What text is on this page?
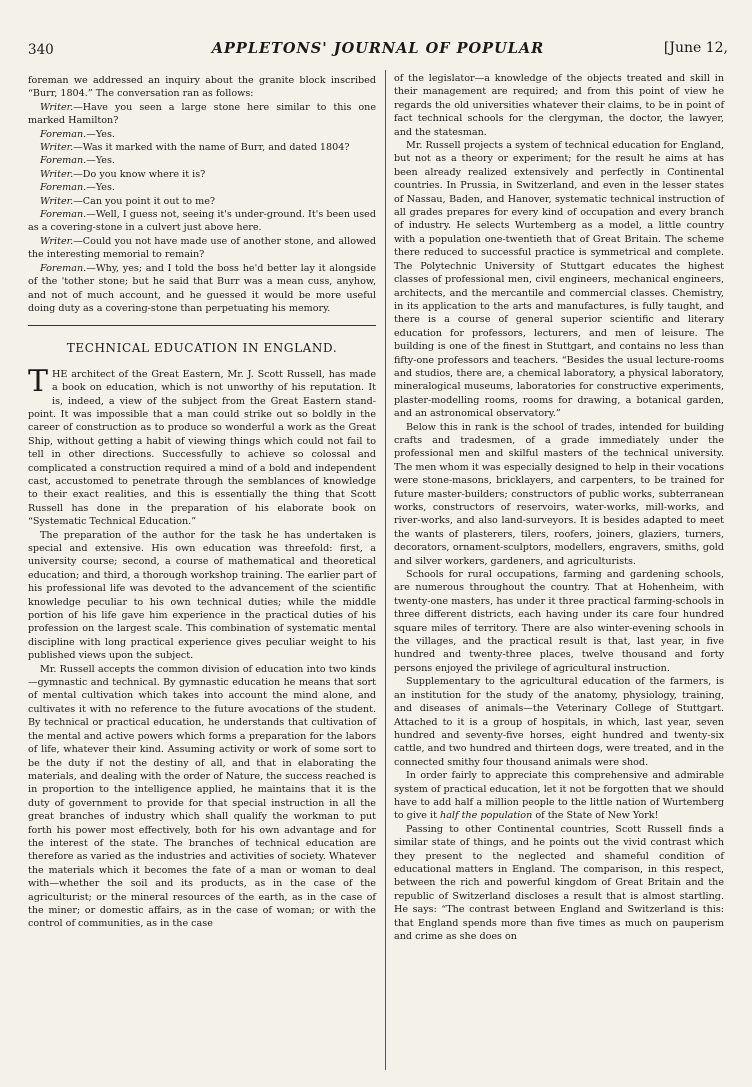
340	APPLETONS' JOURNAL OF POPULAR	[June 12,

foreman we addressed an inquiry about the granite block inscribed “Burr, 1804.” The conversation ran as follows:

Writer.—Have you seen a large stone here similar to this one marked Hamilton?

Foreman.—Yes.

Writer.—Was it marked with the name of Burr, and dated 1804?

Foreman.—Yes.

Writer.—Do you know where it is?

Foreman.—Yes.

Writer.—Can you point it out to me?

Foreman.—Well, I guess not, seeing it's under-ground. It's been used as a covering-stone in a culvert just above here.

Writer.—Could you not have made use of another stone, and allowed the interesting memorial to remain?

Foreman.—Why, yes; and I told the boss he'd better lay it alongside of the 'tother stone; but he said that Burr was a mean cuss, anyhow, and not of much account, and he guessed it would be more useful doing duty as a covering-stone than perpetuating his memory.

TECHNICAL EDUCATION IN ENGLAND.

THE architect of the Great Eastern, Mr. J. Scott Russell, has made a book on education, which is not unworthy of his reputation. It is, indeed, a view of the subject from the Great Eastern stand-point. It was impossible that a man could strike out so boldly in the career of construction as to produce so wonderful a work as the Great Ship, without getting a habit of viewing things which could not fail to tell in other directions. Successfully to achieve so colossal and complicated a construction required a mind of a bold and independent cast, accustomed to penetrate through the semblances of knowledge to their exact realities, and this is essentially the thing that Scott Russell has done in the preparation of his elaborate book on “Systematic Technical Education.”

The preparation of the author for the task he has undertaken is special and extensive. His own education was threefold: first, a university course; second, a course of mathematical and theoretical education; and third, a thorough workshop training. The earlier part of his professional life was devoted to the advancement of the scientific knowledge peculiar to his own technical duties; while the middle portion of his life gave him experience in the practical duties of his profession on the largest scale. This combination of systematic mental discipline with long practical experience gives peculiar weight to his published views upon the subject.

Mr. Russell accepts the common division of education into two kinds—gymnastic and technical. By gymnastic education he means that sort of mental cultivation which takes into account the mind alone, and cultivates it with no reference to the future avocations of the student. By technical or practical education, he understands that cultivation of the mental and active powers which forms a preparation for the labors of life, whatever their kind. Assuming activity or work of some sort to be the duty if not the destiny of all, and that in elaborating the materials, and dealing with the order of Nature, the success reached is in proportion to the intelligence applied, he maintains that it is the duty of government to provide for that special instruction in all the great branches of industry which shall qualify the workman to put forth his power most effectively, both for his own advantage and for the interest of the state. The branches of technical education are therefore as varied as the industries and activities of society. Whatever the materials which it becomes the fate of a man or woman to deal with—whether the soil and its products, as in the case of the agriculturist; or the mineral resources of the earth, as in the case of the miner; or domestic affairs, as in the case of woman; or with the control of communities, as in the case

of the legislator—a knowledge of the objects treated and skill in their management are required; and from this point of view he regards the old universities whatever their claims, to be in point of fact technical schools for the clergyman, the doctor, the lawyer, and the statesman.

Mr. Russell projects a system of technical education for England, but not as a theory or experiment; for the result he aims at has been already realized extensively and perfectly in Continental countries. In Prussia, in Switzerland, and even in the lesser states of Nassau, Baden, and Hanover, systematic technical instruction of all grades prepares for every kind of occupation and every branch of industry. He selects Wurtemberg as a model, a little country with a population one-twentieth that of Great Britain. The scheme there reduced to successful practice is symmetrical and complete. The Polytechnic University of Stuttgart educates the highest classes of professional men, civil engineers, mechanical engineers, architects, and the mercantile and commercial classes. Chemistry, in its application to the arts and manufactures, is fully taught, and there is a course of general superior scientific and literary education for professors, lecturers, and men of leisure. The building is one of the finest in Stuttgart, and contains no less than fifty-one professors and teachers. “Besides the usual lecture-rooms and studios, there are, a chemical laboratory, a physical laboratory, mineralogical museums, laboratories for constructive experiments, plaster-modelling rooms, rooms for drawing, a botanical garden, and an astronomical observatory.”

Below this in rank is the school of trades, intended for building crafts and tradesmen, of a grade immediately under the professional men and skilful masters of the technical university. The men whom it was especially designed to help in their vocations were stone-masons, bricklayers, and carpenters, to be trained for future master-builders; constructors of public works, subterranean works, constructors of reservoirs, water-works, mill-works, and river-works, and also land-surveyors. It is besides adapted to meet the wants of plasterers, tilers, roofers, joiners, glaziers, turners, decorators, ornament-sculptors, modellers, engravers, smiths, gold and silver workers, gardeners, and agriculturists.

Schools for rural occupations, farming and gardening schools, are numerous throughout the country. That at Hohenheim, with twenty-one masters, has under it three practical farming-schools in three different districts, each having under its care four hundred square miles of territory. There are also winter-evening schools in the villages, and the practical result is that, last year, in five hundred and twenty-three places, twelve thousand and forty persons enjoyed the privilege of agricultural instruction.

Supplementary to the agricultural education of the farmers, is an institution for the study of the anatomy, physiology, training, and diseases of animals—the Veterinary College of Stuttgart. Attached to it is a group of hospitals, in which, last year, seven hundred and seventy-five horses, eight hundred and twenty-six cattle, and two hundred and thirteen dogs, were treated, and in the connected smithy four thousand animals were shod.

In order fairly to appreciate this comprehensive and admirable system of practical education, let it not be forgotten that we should have to add half a million people to the little nation of Wurtemberg to give it half the population of the State of New York!

Passing to other Continental countries, Scott Russell finds a similar state of things, and he points out the vivid contrast which they present to the neglected and shameful condition of educational matters in England. The comparison, in this respect, between the rich and powerful kingdom of Great Britain and the republic of Switzerland discloses a result that is almost startling. He says: “The contrast between England and Switzerland is this: that England spends more than five times as much on pauperism and crime as she does on
